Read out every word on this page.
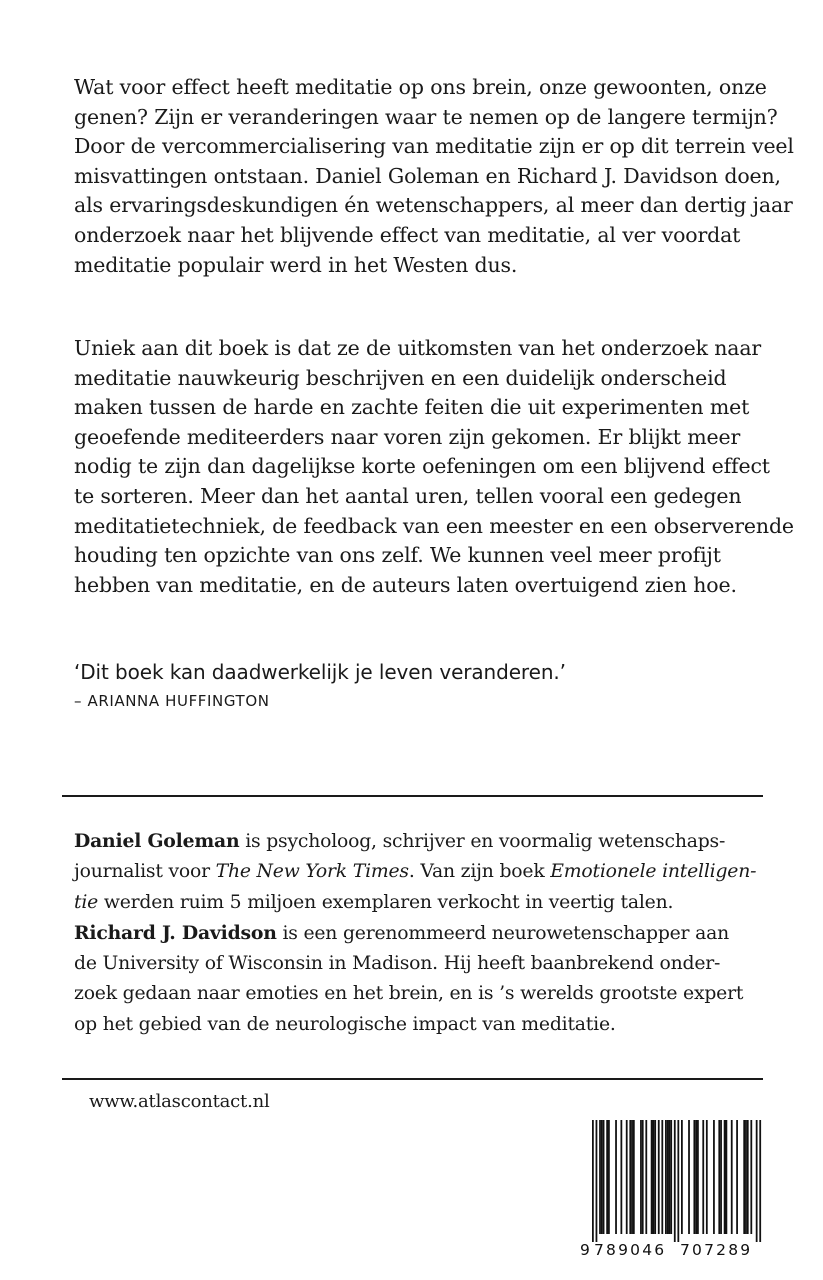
Wat voor effect heeft meditatie op ons brein, onze gewoonten, onze
genen? Zijn er veranderingen waar te nemen op de langere termijn?
Door de vercommercialisering van meditatie zijn er op dit terrein veel
misvattingen ontstaan. Daniel Goleman en Richard J. Davidson doen,
als ervaringsdeskundigen én wetenschappers, al meer dan dertig jaar
onderzoek naar het blijvende effect van meditatie, al ver voordat
meditatie populair werd in het Westen dus.

Uniek aan dit boek is dat ze de uitkomsten van het onderzoek naar
meditatie nauwkeurig beschrijven en een duidelijk onderscheid
maken tussen de harde en zachte feiten die uit experimenten met
geoefende mediteerders naar voren zijn gekomen. Er blijkt meer
nodig te zijn dan dagelijkse korte oefeningen om een blijvend effect
te sorteren. Meer dan het aantal uren, tellen vooral een gedegen
meditatietechniek, de feedback van een meester en een observerende
houding ten opzichte van ons zelf. We kunnen veel meer profijt
hebben van meditatie, en de auteurs laten overtuigend zien hoe.

‘Dit boek kan daadwerkelijk je leven veranderen.’

– ARIANNA HUFFINGTON

Daniel Goleman is psycholoog, schrijver en voormalig wetenschaps-
journalist voor The New York Times. Van zijn boek Emotionele intelligen-
tie werden ruim 5 miljoen exemplaren verkocht in veertig talen.
Richard J. Davidson is een gerenommeerd neurowetenschapper aan
de University of Wisconsin in Madison. Hij heeft baanbrekend onder-
zoek gedaan naar emoties en het brein, en is ’s werelds grootste expert
op het gebied van de neurologische impact van meditatie.

www.atlascontact.nl

9 789046 707289
